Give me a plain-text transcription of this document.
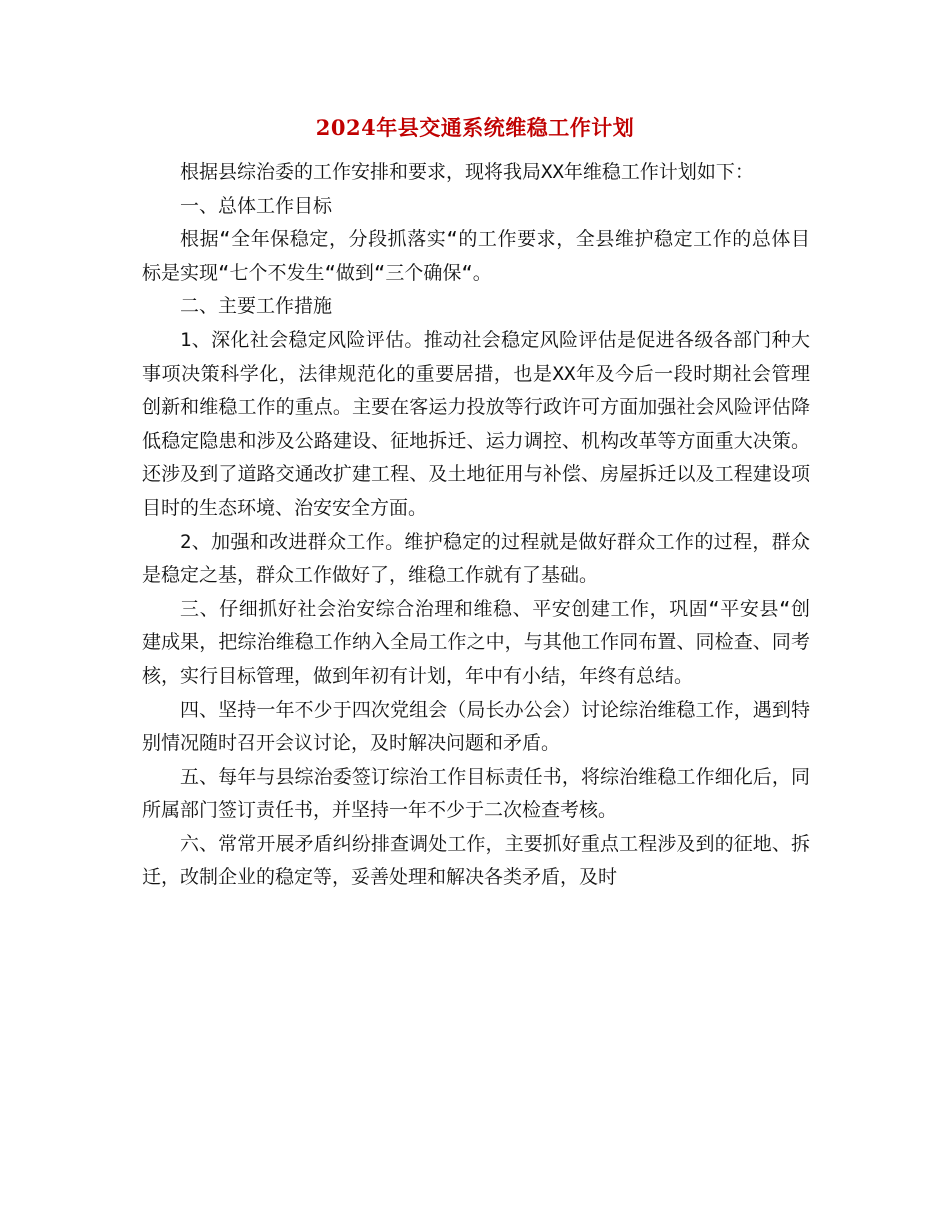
2024年县交通系统维稳工作计划

根据县综治委的工作安排和要求，现将我局XX年维稳工作计划如下：

一、总体工作目标

根据“全年保稳定，分段抓落实“的工作要求，全县维护稳定工作的总体目标是实现“七个不发生“做到“三个确保“。

二、主要工作措施

1、深化社会稳定风险评估。推动社会稳定风险评估是促进各级各部门种大事项决策科学化，法律规范化的重要居措，也是XX年及今后一段时期社会管理创新和维稳工作的重点。主要在客运力投放等行政许可方面加强社会风险评估降低稳定隐患和涉及公路建设、征地拆迁、运力调控、机构改革等方面重大决策。还涉及到了道路交通改扩建工程、及土地征用与补偿、房屋拆迁以及工程建设项目时的生态环境、治安安全方面。

2、加强和改进群众工作。维护稳定的过程就是做好群众工作的过程，群众是稳定之基，群众工作做好了，维稳工作就有了基础。

三、仔细抓好社会治安综合治理和维稳、平安创建工作，巩固“平安县“创建成果，把综治维稳工作纳入全局工作之中，与其他工作同布置、同检查、同考核，实行目标管理，做到年初有计划，年中有小结，年终有总结。

四、坚持一年不少于四次党组会（局长办公会）讨论综治维稳工作，遇到特别情况随时召开会议讨论，及时解决问题和矛盾。

五、每年与县综治委签订综治工作目标责任书，将综治维稳工作细化后，同所属部门签订责任书，并坚持一年不少于二次检查考核。

六、常常开展矛盾纠纷排查调处工作，主要抓好重点工程涉及到的征地、拆迁，改制企业的稳定等，妥善处理和解决各类矛盾，及时
